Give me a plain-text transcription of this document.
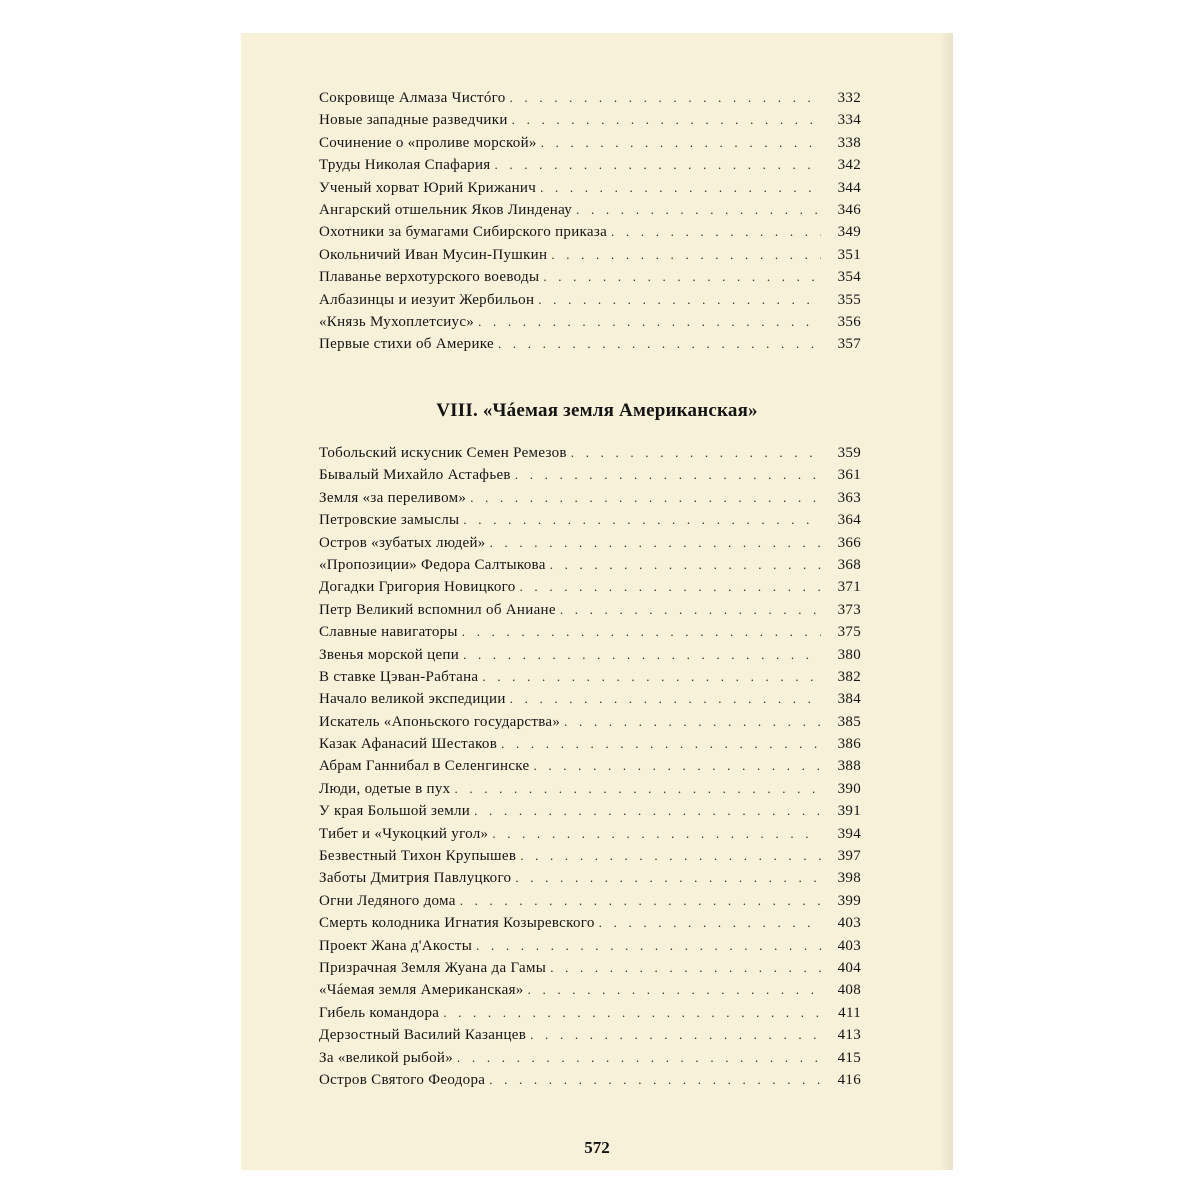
Сокровище Алмаза Чистóго . . .	332
Новые западные разведчики . . .	334
Сочинение о «проливе морской» . . .	338
Труды Николая Спафария . . .	342
Ученый хорват Юрий Крижанич . . .	344
Ангарский отшельник Яков Линденау . . .	346
Охотники за бумагами Сибирского приказа . . .	349
Окольничий Иван Мусин-Пушкин . . .	351
Плаванье верхотурского воеводы . . .	354
Албазинцы и иезуит Жербильон . . .	355
«Князь Мухоплетсиус» . . .	356
Первые стихи об Америке . . .	357
VIII. «Чáемая земля Американская»
Тобольский искусник Семен Ремезов . . .	359
Бывалый Михайло Астафьев . . .	361
Земля «за переливом» . . .	363
Петровские замыслы . . .	364
Остров «зубатых людей» . . .	366
«Пропозиции» Федора Салтыкова . . .	368
Догадки Григория Новицкого . . .	371
Петр Великий вспомнил об Аниане . . .	373
Славные навигаторы . . .	375
Звенья морской цепи . . .	380
В ставке Цэван-Рабтана . . .	382
Начало великой экспедиции . . .	384
Искатель «Апоньского государства» . . .	385
Казак Афанасий Шестаков . . .	386
Абрам Ганнибал в Селенгинске . . .	388
Люди, одетые в пух . . .	390
У края Большой земли . . .	391
Тибет и «Чукоцкий угол» . . .	394
Безвестный Тихон Крупышев . . .	397
Заботы Дмитрия Павлуцкого . . .	398
Огни Ледяного дома . . .	399
Смерть колодника Игнатия Козыревского . . .	403
Проект Жана д'Акосты . . .	403
Призрачная Земля Жуана да Гамы . . .	404
«Чáемая земля Американская» . . .	408
Гибель командора . . .	411
Дерзостный Василий Казанцев . . .	413
За «великой рыбой» . . .	415
Остров Святого Феодора . . .	416
572
